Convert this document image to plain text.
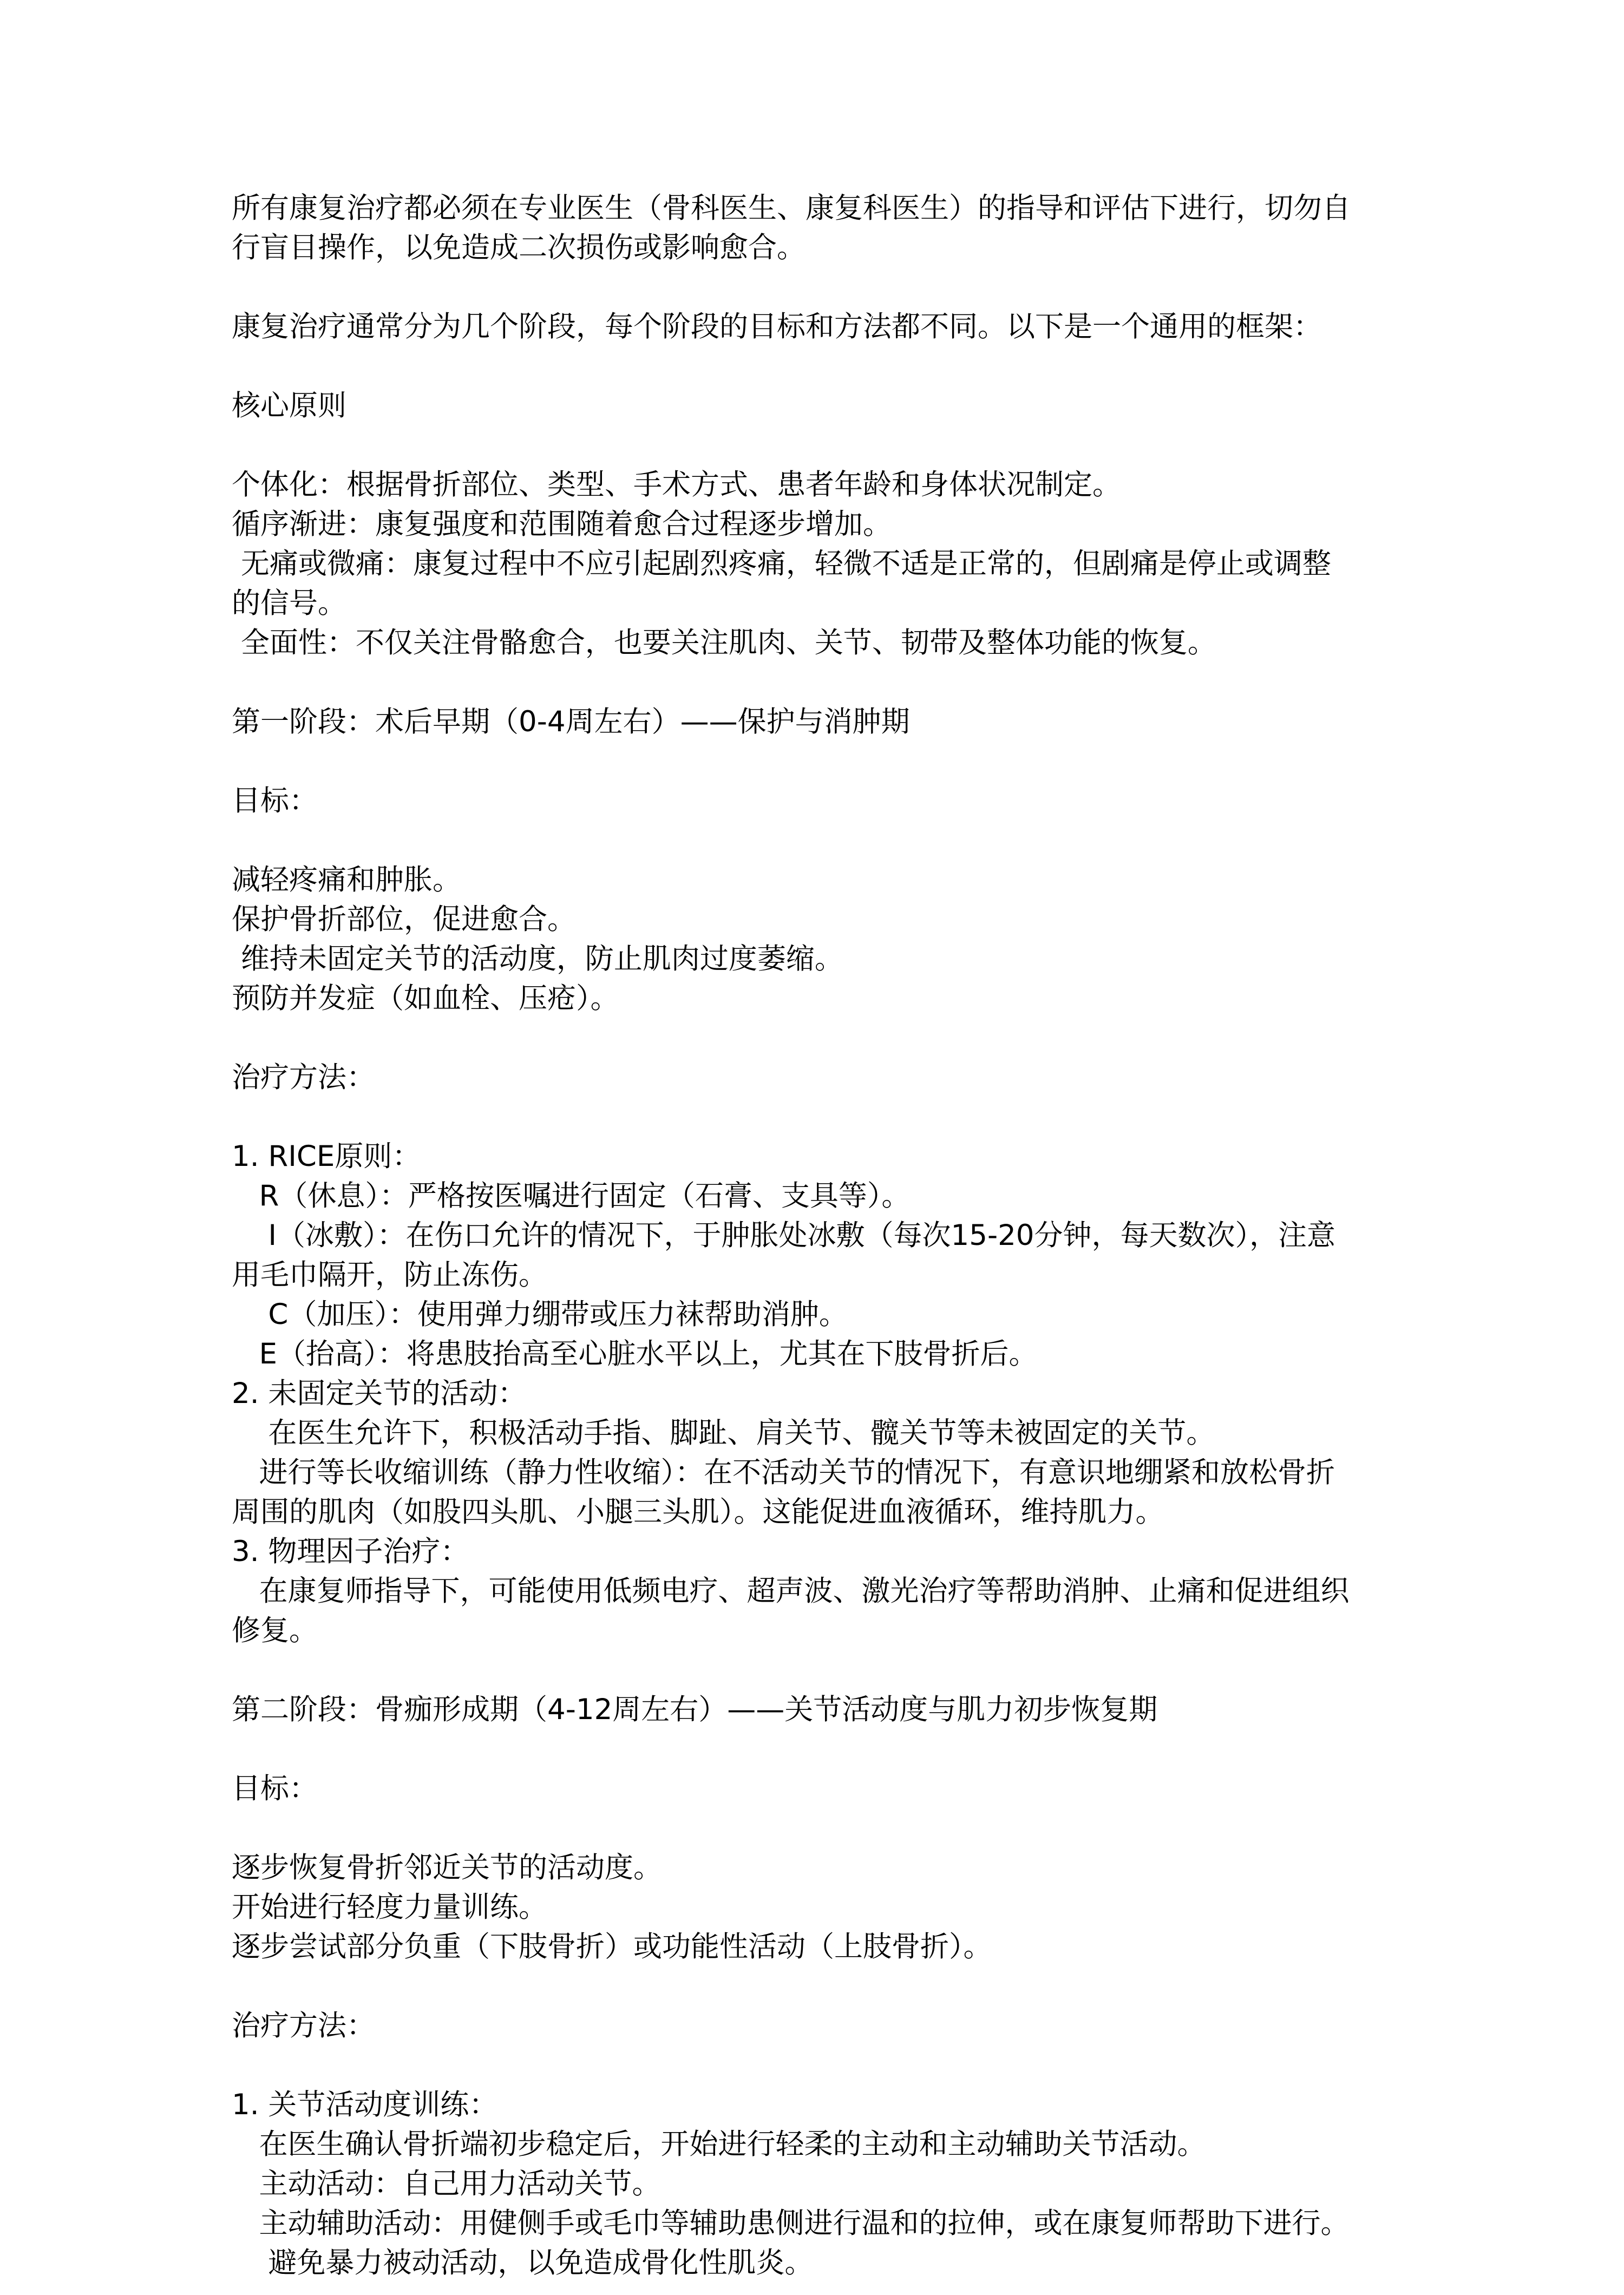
所有康复治疗都必须在专业医生（骨科医生、康复科医生）的指导和评估下进行，切勿自
行盲目操作，以免造成二次损伤或影响愈合。
康复治疗通常分为几个阶段，每个阶段的目标和方法都不同。以下是一个通用的框架：
核心原则
个体化：根据骨折部位、类型、手术方式、患者年龄和身体状况制定。
循序渐进：康复强度和范围随着愈合过程逐步增加。
无痛或微痛：康复过程中不应引起剧烈疼痛，轻微不适是正常的，但剧痛是停止或调整
的信号。
全面性：不仅关注骨骼愈合，也要关注肌肉、关节、韧带及整体功能的恢复。
第一阶段：术后早期（0-4周左右）——保护与消肿期
目标：
减轻疼痛和肿胀。
保护骨折部位，促进愈合。
维持未固定关节的活动度，防止肌肉过度萎缩。
预防并发症（如血栓、压疮）。
治疗方法：
1. RICE原则：
R（休息）：严格按医嘱进行固定（石膏、支具等）。
I（冰敷）：在伤口允许的情况下，于肿胀处冰敷（每次15-20分钟，每天数次），注意
用毛巾隔开，防止冻伤。
C（加压）：使用弹力绷带或压力袜帮助消肿。
E（抬高）：将患肢抬高至心脏水平以上，尤其在下肢骨折后。
2. 未固定关节的活动：
在医生允许下，积极活动手指、脚趾、肩关节、髋关节等未被固定的关节。
进行等长收缩训练（静力性收缩）：在不活动关节的情况下，有意识地绷紧和放松骨折
周围的肌肉（如股四头肌、小腿三头肌）。这能促进血液循环，维持肌力。
3. 物理因子治疗：
在康复师指导下，可能使用低频电疗、超声波、激光治疗等帮助消肿、止痛和促进组织
修复。
第二阶段：骨痂形成期（4-12周左右）——关节活动度与肌力初步恢复期
目标：
逐步恢复骨折邻近关节的活动度。
开始进行轻度力量训练。
逐步尝试部分负重（下肢骨折）或功能性活动（上肢骨折）。
治疗方法：
1. 关节活动度训练：
在医生确认骨折端初步稳定后，开始进行轻柔的主动和主动辅助关节活动。
主动活动：自己用力活动关节。
主动辅助活动：用健侧手或毛巾等辅助患侧进行温和的拉伸，或在康复师帮助下进行。
避免暴力被动活动，以免造成骨化性肌炎。
